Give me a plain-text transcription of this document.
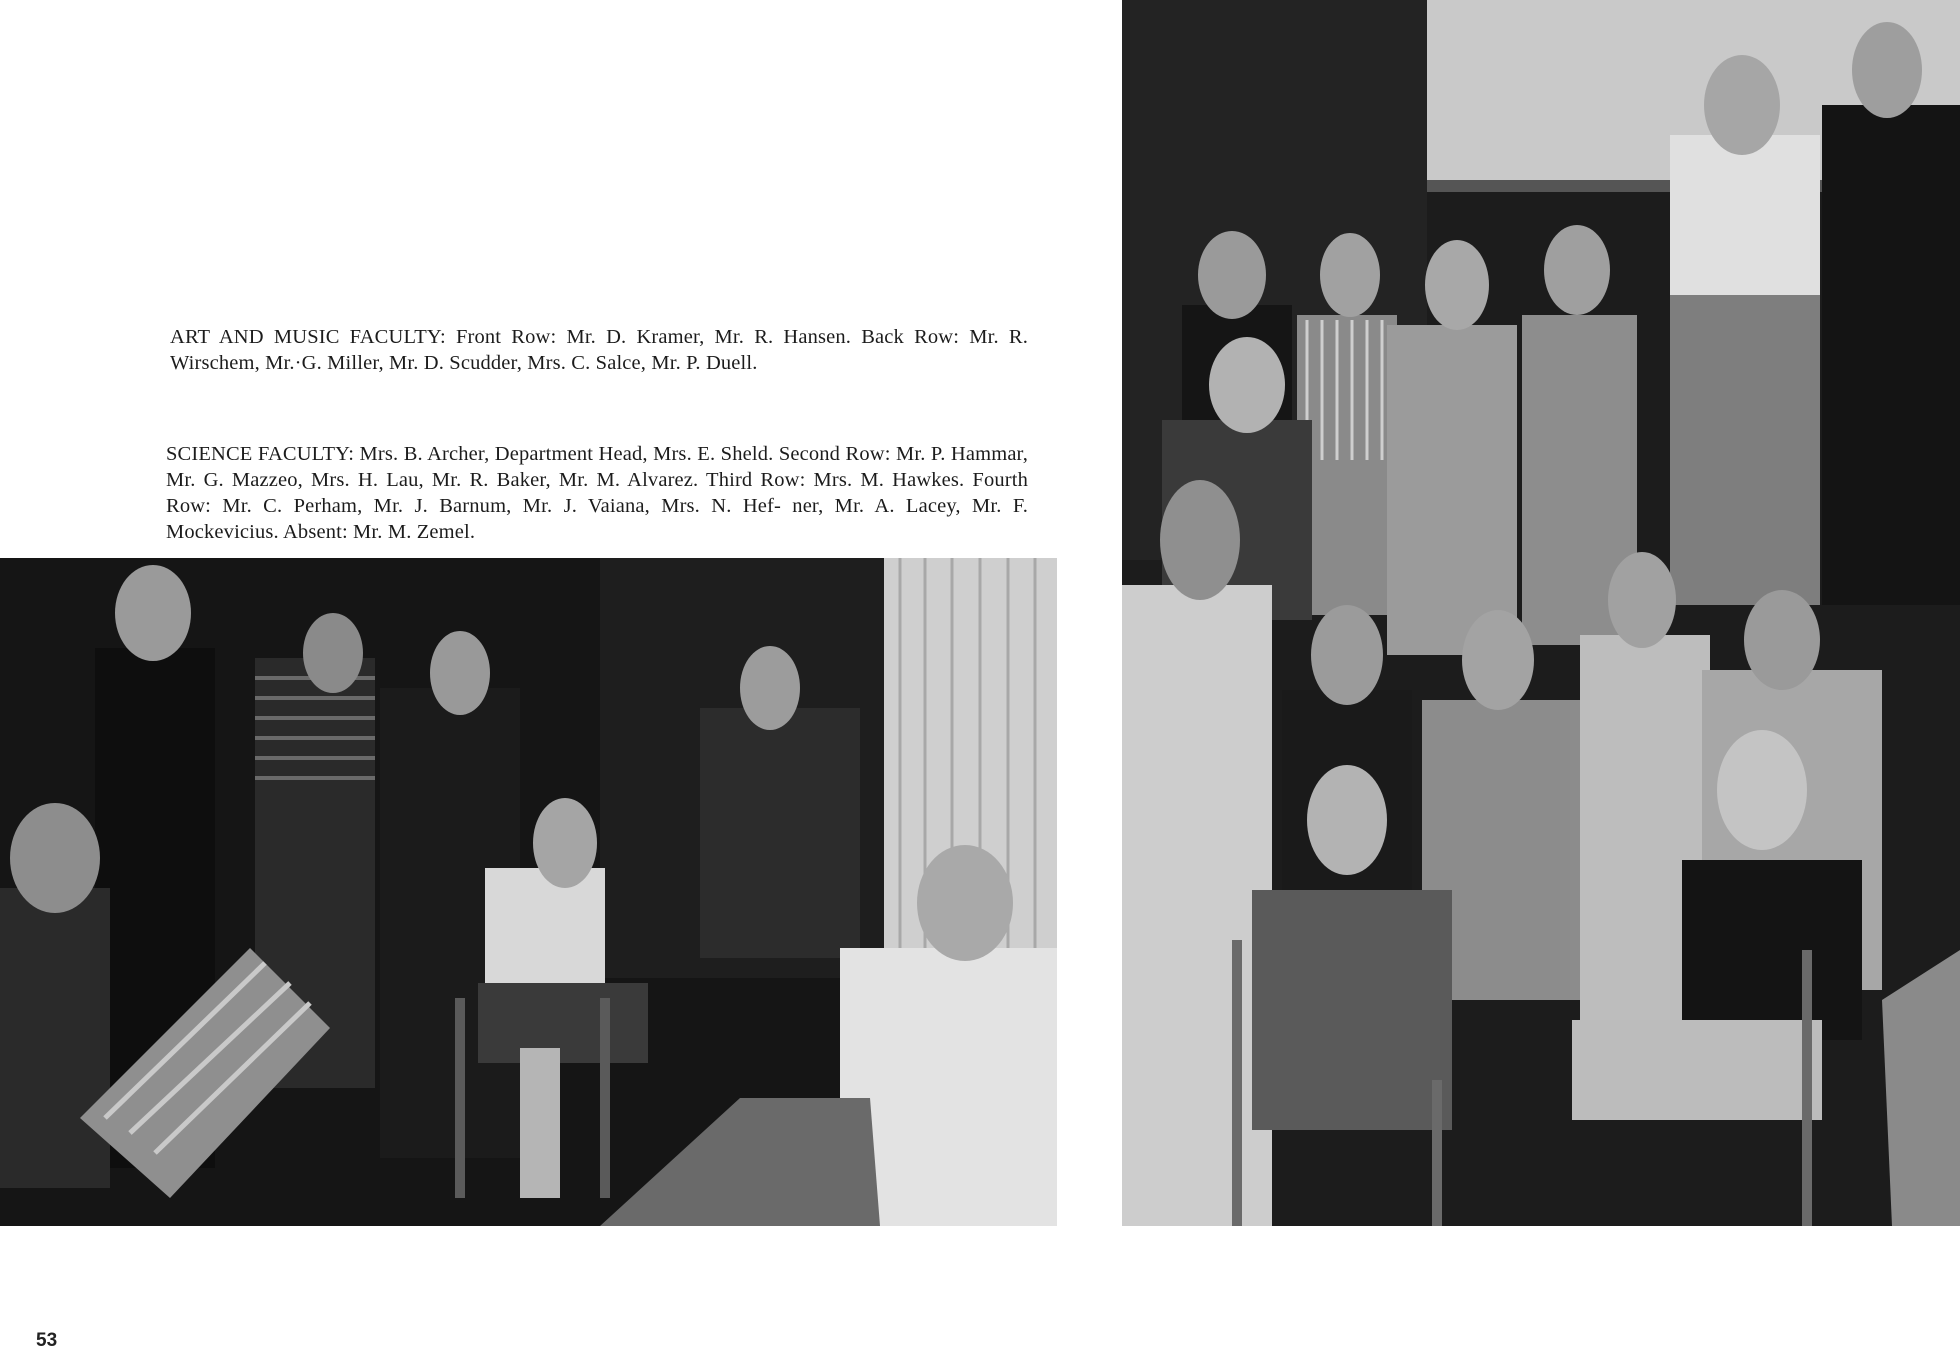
ART AND MUSIC FACULTY: Front Row: Mr. D. Kramer, Mr. R. Hansen. Back Row: Mr. R. Wirschem, Mr.·G. Miller, Mr. D. Scudder, Mrs. C. Salce, Mr. P. Duell.

SCIENCE FACULTY: Mrs. B. Archer, Department Head, Mrs. E. Sheld. Second Row: Mr. P. Hammar, Mr. G. Mazzeo, Mrs. H. Lau, Mr. R. Baker, Mr. M. Alvarez. Third Row: Mrs. M. Hawkes. Fourth Row: Mr. C. Perham, Mr. J. Barnum, Mr. J. Vaiana, Mrs. N. Hef- ner, Mr. A. Lacey, Mr. F. Mockevicius. Absent: Mr. M. Zemel.

53
